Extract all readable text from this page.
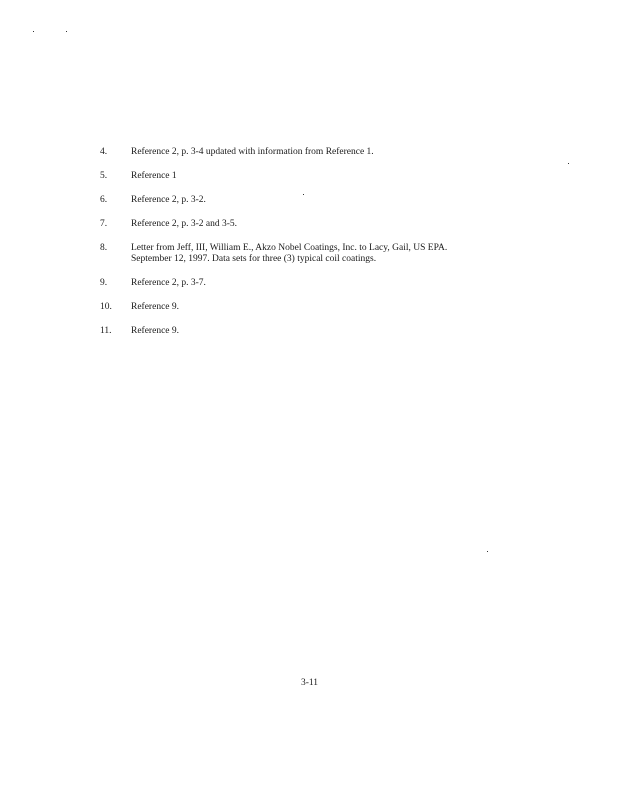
4.	Reference 2, p. 3-4 updated with information from Reference 1.
5.	Reference 1
6.	Reference 2, p. 3-2.
7.	Reference 2, p. 3-2 and 3-5.
8.	Letter from Jeff, III, William E., Akzo Nobel Coatings, Inc. to Lacy, Gail, US EPA.
September 12, 1997. Data sets for three (3) typical coil coatings.
9.	Reference 2, p. 3-7.
10.	Reference 9.
11.	Reference 9.
3-11
